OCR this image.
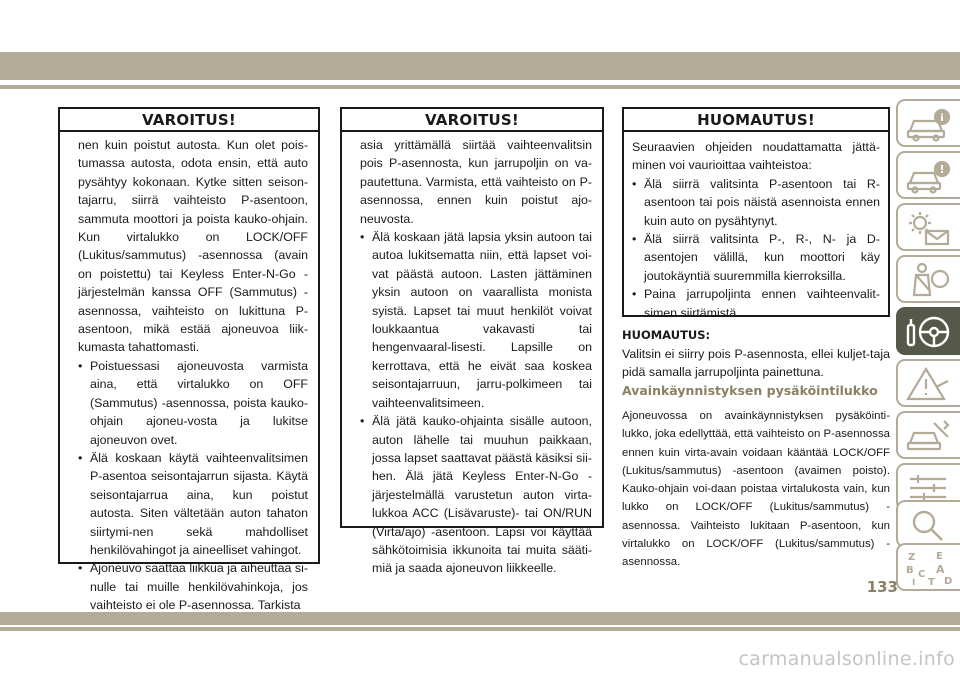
VAROITUS!

nen kuin poistut autosta. Kun olet pois-tumassa autosta, odota ensin, että auto pysähtyy kokonaan. Kytke sitten seison-tajarru, siirrä vaihteisto P-asentoon, sammuta moottori ja poista kauko-ohjain. Kun virtalukko on LOCK/OFF (Lukitus/sammutus) -asennossa (avain on poistettu) tai Keyless Enter-N-Go -järjestelmän kanssa OFF (Sammutus) -asennossa, vaihteisto on lukittuna P-asentoon, mikä estää ajoneuvoa liik-kumasta tahattomasti.

• Poistuessasi ajoneuvosta varmista aina, että virtalukko on OFF (Sammutus) -asennossa, poista kauko-ohjain ajoneu-vosta ja lukitse ajoneuvon ovet.
• Älä koskaan käytä vaihteenvalitsimen P-asentoa seisontajarrun sijasta. Käytä seisontajarrua aina, kun poistut autosta. Siten vältetään auton tahaton siirtymi-nen sekä mahdolliset henkilövahingot ja aineelliset vahingot.
• Ajoneuvo saattaa liikkua ja aiheuttaa si-nulle tai muille henkilövahinkoja, jos vaihteisto ei ole P-asennossa. Tarkista
VAROITUS!

asia yrittämällä siirtää vaihteenvalitsin pois P-asennosta, kun jarrupoljin on va-pautettuna. Varmista, että vaihteisto on P-asennossa, ennen kuin poistut ajo-neuvosta.

• Älä koskaan jätä lapsia yksin autoon tai autoa lukitsematta niin, että lapset voi-vat päästä autoon. Lasten jättäminen yksin autoon on vaarallista monista syistä. Lapset tai muut henkilöt voivat loukkaantua vakavasti tai hengenvaaral-lisesti. Lapsille on kerrottava, että he eivät saa koskea seisontajarruun, jarru-polkimeen tai vaihteenvalitsimeen.
• Älä jätä kauko-ohjainta sisälle autoon, auton lähelle tai muuhun paikkaan, jossa lapset saattavat päästä käsiksi sii-hen. Älä jätä Keyless Enter-N-Go -järjestelmällä varustetun auton virta-lukkoa ACC (Lisävaruste)- tai ON/RUN (Virta/ajo) -asentoon. Lapsi voi käyttää sähkötoimisia ikkunoita tai muita sääti-miä ja saada ajoneuvon liikkeelle.
HUOMAUTUS!

Seuraavien ohjeiden noudattamatta jättä-minen voi vaurioittaa vaihteistoa:

• Älä siirrä valitsinta P-asentoon tai R-asentoon tai pois näistä asennoista ennen kuin auto on pysähtynyt.
• Älä siirrä valitsinta P-, R-, N- ja D-asentojen välillä, kun moottori käy joutokäyntiä suuremmilla kierroksilla.
• Paina jarrupoljinta ennen vaihteenvalit-simen siirtämistä.
HUOMAUTUS:
Valitsin ei siirry pois P-asennosta, ellei kuljet-taja pidä samalla jarrupoljinta painettuna.
Avainkäynnistyksen pysäköintilukko
Ajoneuvossa on avainkäynnistyksen pysäköinti-lukko, joka edellyttää, että vaihteisto on P-asennossa ennen kuin virta-avain voidaan kääntää LOCK/OFF (Lukitus/sammutus) -asentoon (avaimen poisto). Kauko-ohjain voi-daan poistaa virtalukosta vain, kun lukko on LOCK/OFF (Lukitus/sammutus) -asennossa. Vaihteisto lukitaan P-asentoon, kun virtalukko on LOCK/OFF (Lukitus/sammutus) -asennossa.
i
!
Z E
B C A
I	D
T
133
carmanualsonline.info
